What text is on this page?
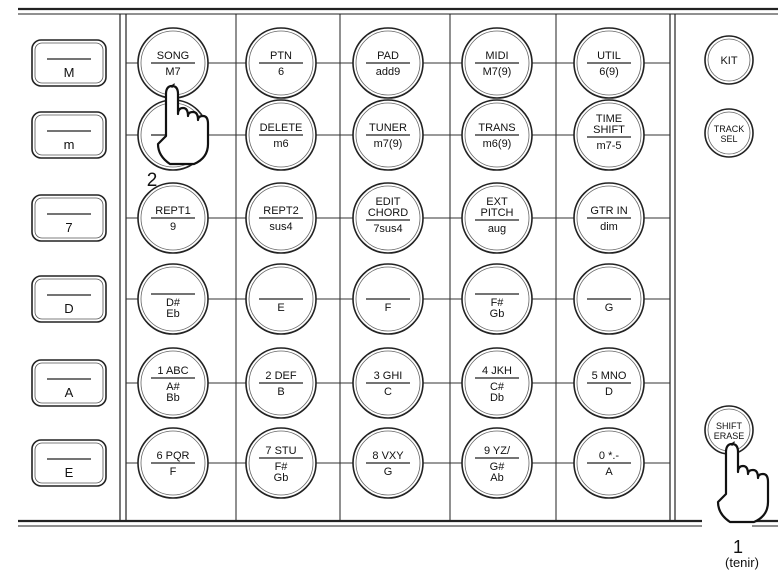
M
m
7
D
A
E
SONG
M7
PTN
6
PAD
add9
MIDI
M7(9)
UTIL
6(9)
DELETE
m6
TUNER
m7(9)
TRANS
m6(9)
TIME
SHIFT
m7-5
REPT1
9
REPT2
sus4
EDIT
CHORD
7sus4
EXT
PITCH
aug
GTR IN
dim
D#
Eb	E	F	F#
Gb	G
1 ABC
A#
Bb
2 DEF
B
3 GHI
C
4 JKH
C#
Db
5 MNO
D
6 PQR
F
7 STU
F#
Gb
8 VXY
G
9 YZ/
G#
Ab
0 *.-
A
KIT
TRACK
SEL
SHIFT
ERASE
2
1
(tenir)
